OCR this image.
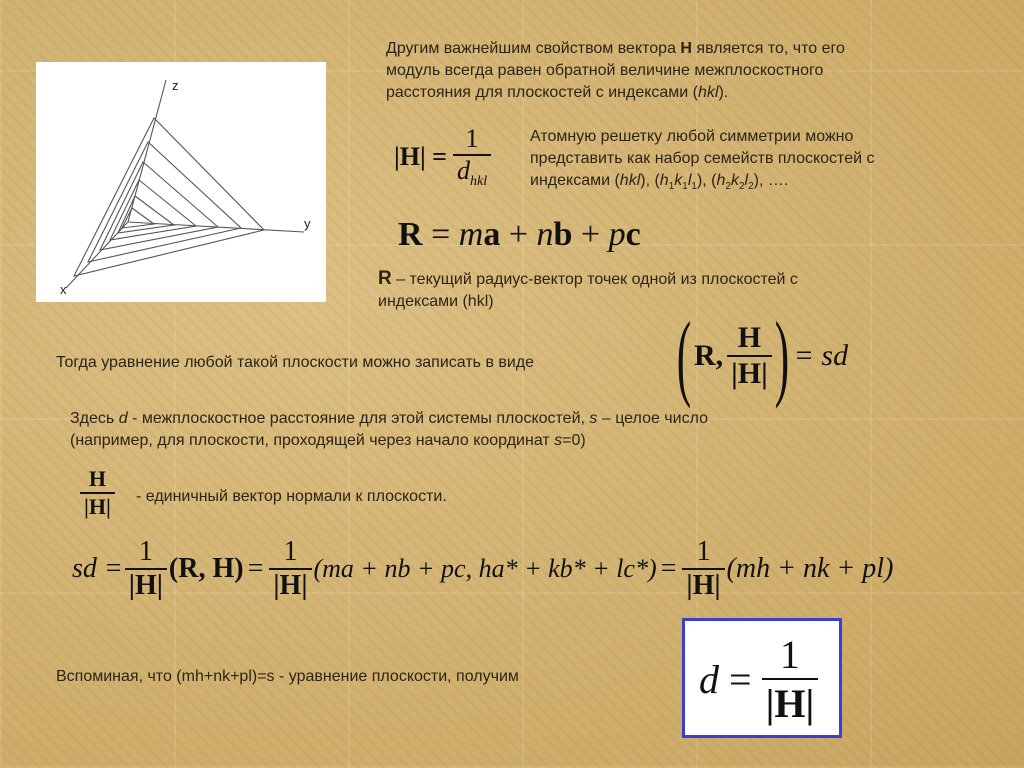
z
y
x
Другим важнейшим свойством вектора H является то, что его
модуль всегда равен обратной величине межплоскостного
расстояния для плоскостей с индексами (hkl).
$|H| = \frac{1}{d_{hkl}}$ Атомную решетку любой симметрии можно
представить как набор семейств плоскостей с
индексами (hkl), $(h_1k_1l_1)$, $(h_2k_2l_2)$, ….
R = ma + nb + pc
R – текущий радиус-вектор точек одной из плоскостей с
индексами (hkl)
Тогда уравнение любой такой плоскости можно записать в виде ( R, $\frac{H}{|H|}$ ) = sd
Здесь d - межплоскостное расстояние для этой системы плоскостей, s – целое число
(например, для плоскости, проходящей через начало координат s=0)
$\frac{H}{|H|}$ - единичный вектор нормали к плоскости.
sd = $\frac{1}{|H|} (R$, $H) = \frac{1}{|H|} (ma$ + nb + pc, $ha* + kb* + lc*) = \frac{1}{|H|} (mh$ + nk + pl)
Вспоминая, что (mh+nk+pl)=s - уравнение плоскости, получим	$d = \frac{1}{|H|}$
